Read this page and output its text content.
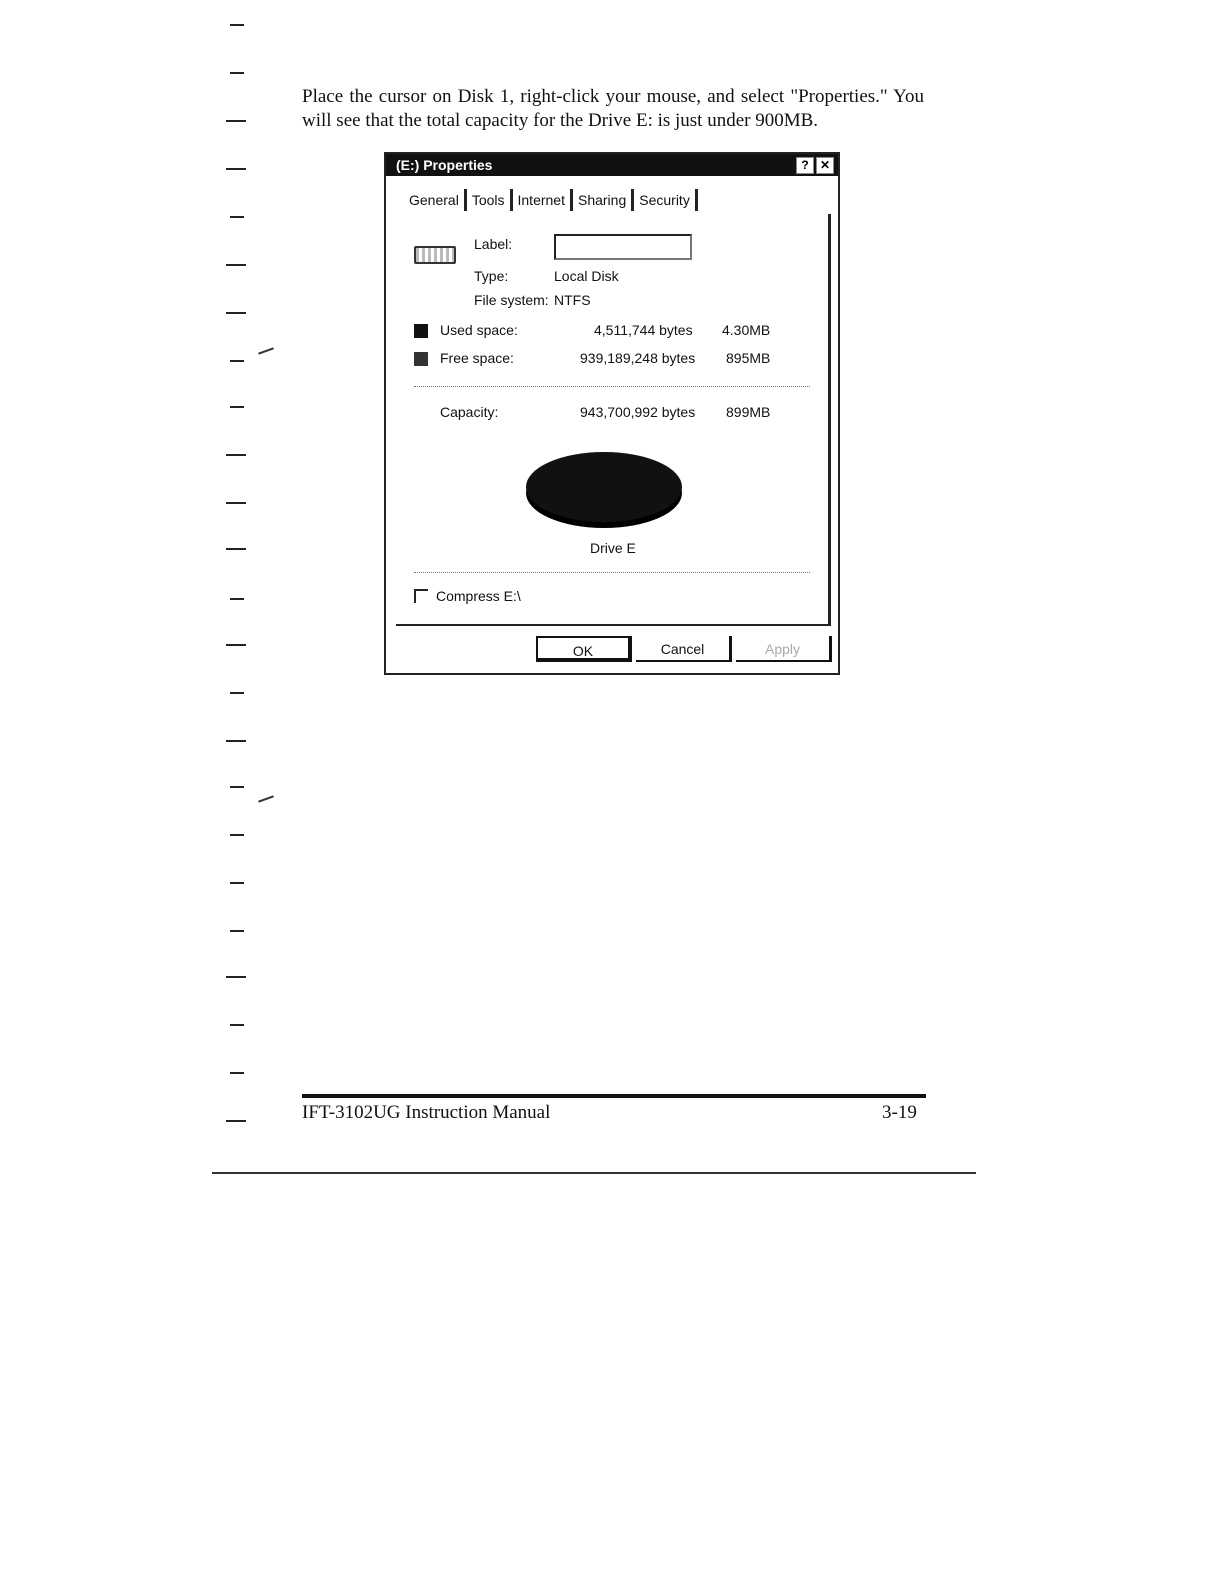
Place the cursor on Disk 1, right-click your mouse, and select "Properties." You will see that the total capacity for the Drive E: is just under 900MB.

(E:) Properties	? ✕
General Tools Internet Sharing Security
Label:
Type:	Local Disk
File system: NTFS
Used space:	4,511,744 bytes 4.30MB
Free space:	939,189,248 bytes 895MB
Capacity:	943,700,992 bytes 899MB
Drive E
Compress E:\
OK	Cancel	Apply
IFT-3102UG Instruction Manual	3-19
